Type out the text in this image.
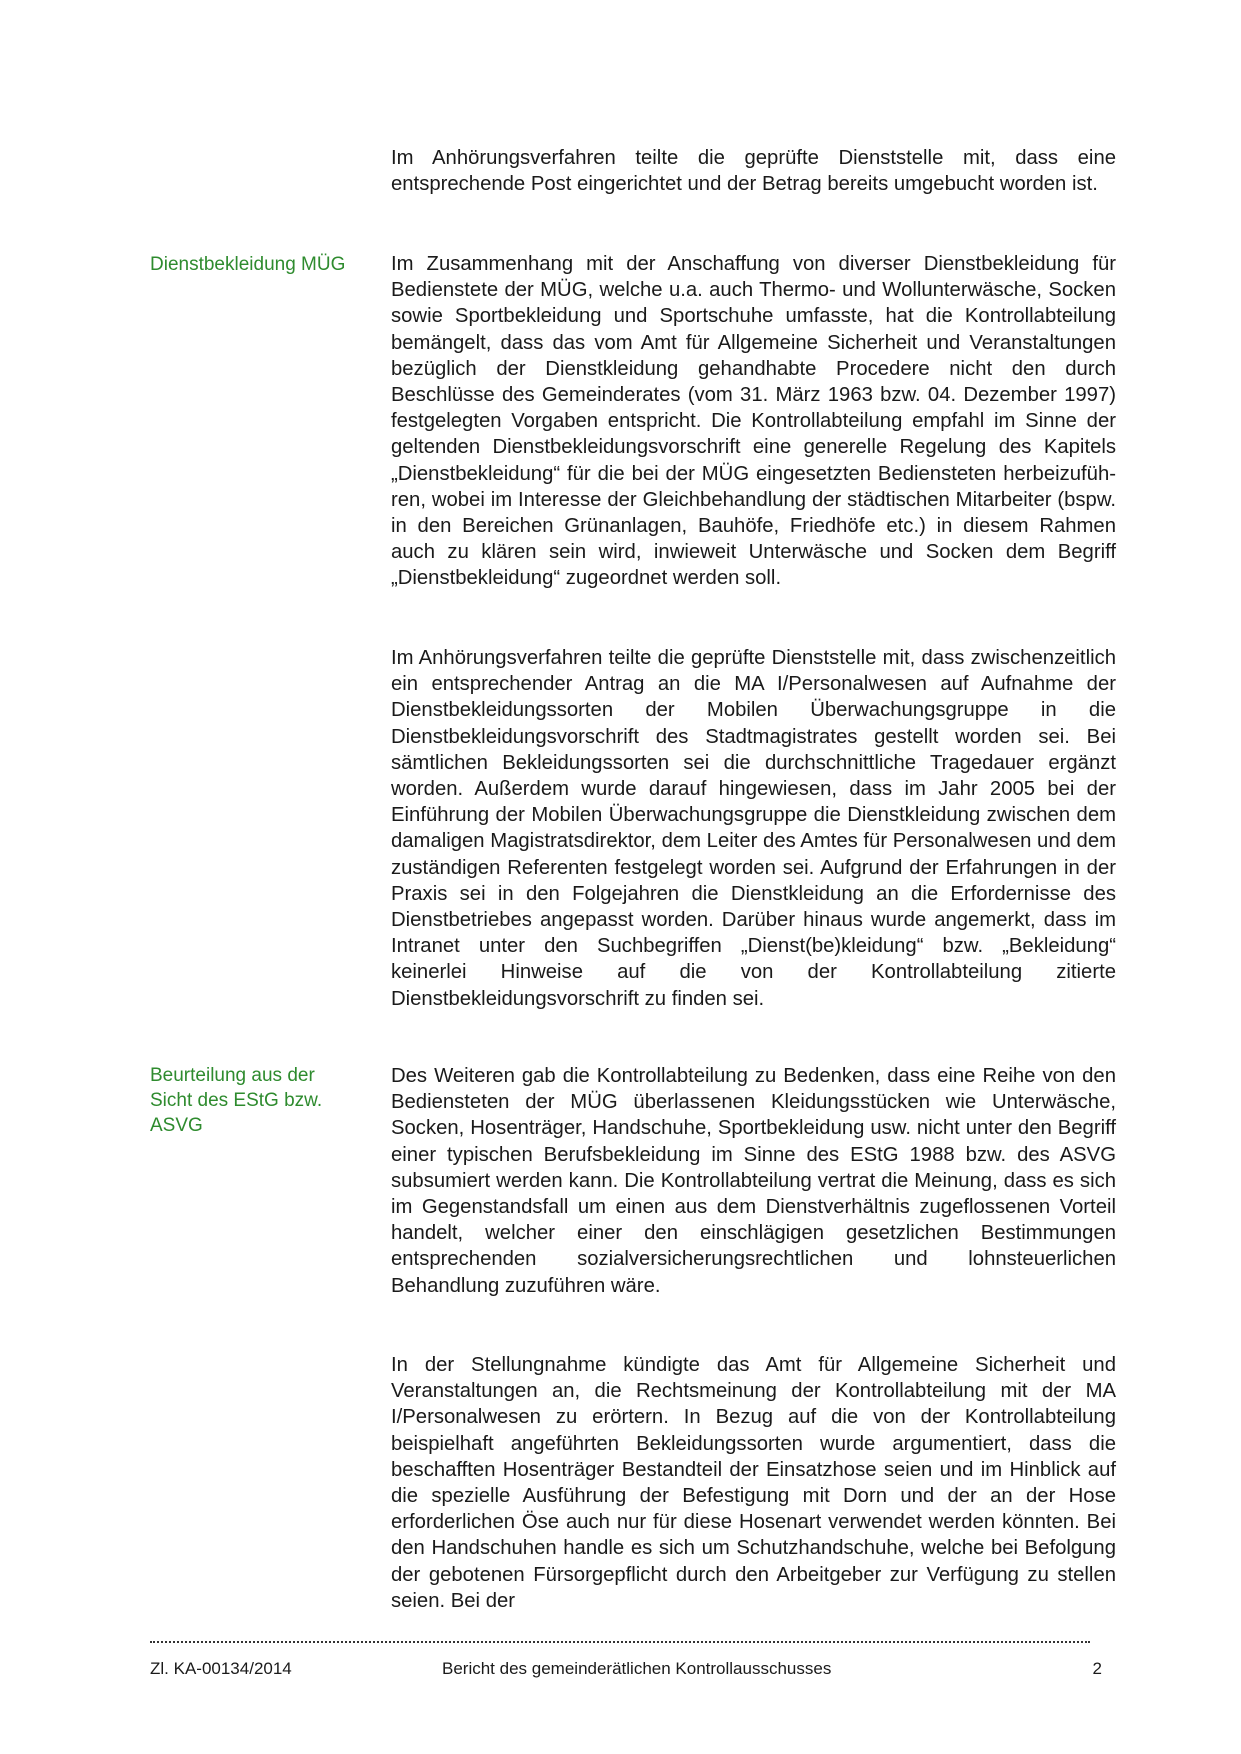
Im Anhörungsverfahren teilte die geprüfte Dienststelle mit, dass eine entsprechende Post eingerichtet und der Betrag bereits umgebucht worden ist.

Dienstbekleidung MÜG	Im Zusammenhang mit der Anschaffung von diverser Dienstbekleidung für Bedienstete der MÜG, welche u.a. auch Thermo- und Wollunterwäsche, Socken sowie Sportbekleidung und Sportschuhe umfasste, hat die Kontrollabteilung bemängelt, dass das vom Amt für Allgemeine Sicherheit und Veranstaltungen bezüglich der Dienstkleidung gehandhabte Procedere nicht den durch Beschlüsse des Gemeinderates (vom 31. März 1963 bzw. 04. Dezember 1997) festgelegten Vorgaben entspricht. Die Kontrollabteilung empfahl im Sinne der geltenden Dienstbekleidungsvorschrift eine generelle Regelung des Kapitels „Dienstbekleidung“ für die bei der MÜG eingesetzten Bediensteten herbeizuführen, wobei im Interesse der Gleichbehandlung der städtischen Mitarbeiter (bspw. in den Bereichen Grünanlagen, Bauhöfe, Friedhöfe etc.) in diesem Rahmen auch zu klären sein wird, inwieweit Unterwäsche und Socken dem Begriff „Dienstbekleidung“ zugeordnet werden soll.

Im Anhörungsverfahren teilte die geprüfte Dienststelle mit, dass zwischenzeitlich ein entsprechender Antrag an die MA I/Personalwesen auf Aufnahme der Dienstbekleidungssorten der Mobilen Überwachungsgruppe in die Dienstbekleidungsvorschrift des Stadtmagistrates gestellt worden sei. Bei sämtlichen Bekleidungssorten sei die durchschnittliche Tragedauer ergänzt worden. Außerdem wurde darauf hingewiesen, dass im Jahr 2005 bei der Einführung der Mobilen Überwachungsgruppe die Dienstkleidung zwischen dem damaligen Magistratsdirektor, dem Leiter des Amtes für Personalwesen und dem zuständigen Referenten festgelegt worden sei. Aufgrund der Erfahrungen in der Praxis sei in den Folgejahren die Dienstkleidung an die Erfordernisse des Dienstbetriebes angepasst worden. Darüber hinaus wurde angemerkt, dass im Intranet unter den Suchbegriffen „Dienst(be)kleidung“ bzw. „Bekleidung“ keinerlei Hinweise auf die von der Kontrollabteilung zitierte Dienstbekleidungsvorschrift zu finden sei.

Beurteilung aus der Sicht des EStG bzw. ASVG

Des Weiteren gab die Kontrollabteilung zu Bedenken, dass eine Reihe von den Bediensteten der MÜG überlassenen Kleidungsstücken wie Unterwäsche, Socken, Hosenträger, Handschuhe, Sportbekleidung usw. nicht unter den Begriff einer typischen Berufsbekleidung im Sinne des EStG 1988 bzw. des ASVG subsumiert werden kann. Die Kontrollabteilung vertrat die Meinung, dass es sich im Gegenstandsfall um einen aus dem Dienstverhältnis zugeflossenen Vorteil handelt, welcher einer den einschlägigen gesetzlichen Bestimmungen entsprechenden sozialversicherungsrechtlichen und lohnsteuerlichen Behandlung zuzuführen wäre.

In der Stellungnahme kündigte das Amt für Allgemeine Sicherheit und Veranstaltungen an, die Rechtsmeinung der Kontrollabteilung mit der MA I/Personalwesen zu erörtern. In Bezug auf die von der Kontrollabteilung beispielhaft angeführten Bekleidungssorten wurde argumentiert, dass die beschafften Hosenträger Bestandteil der Einsatzhose seien und im Hinblick auf die spezielle Ausführung der Befestigung mit Dorn und der an der Hose erforderlichen Öse auch nur für diese Hosenart verwendet werden könnten. Bei den Handschuhen handle es sich um Schutzhandschuhe, welche bei Befolgung der gebotenen Fürsorgepflicht durch den Arbeitgeber zur Verfügung zu stellen seien. Bei der

Zl. KA-00134/2014	Bericht des gemeinderätlichen Kontrollausschusses	2
